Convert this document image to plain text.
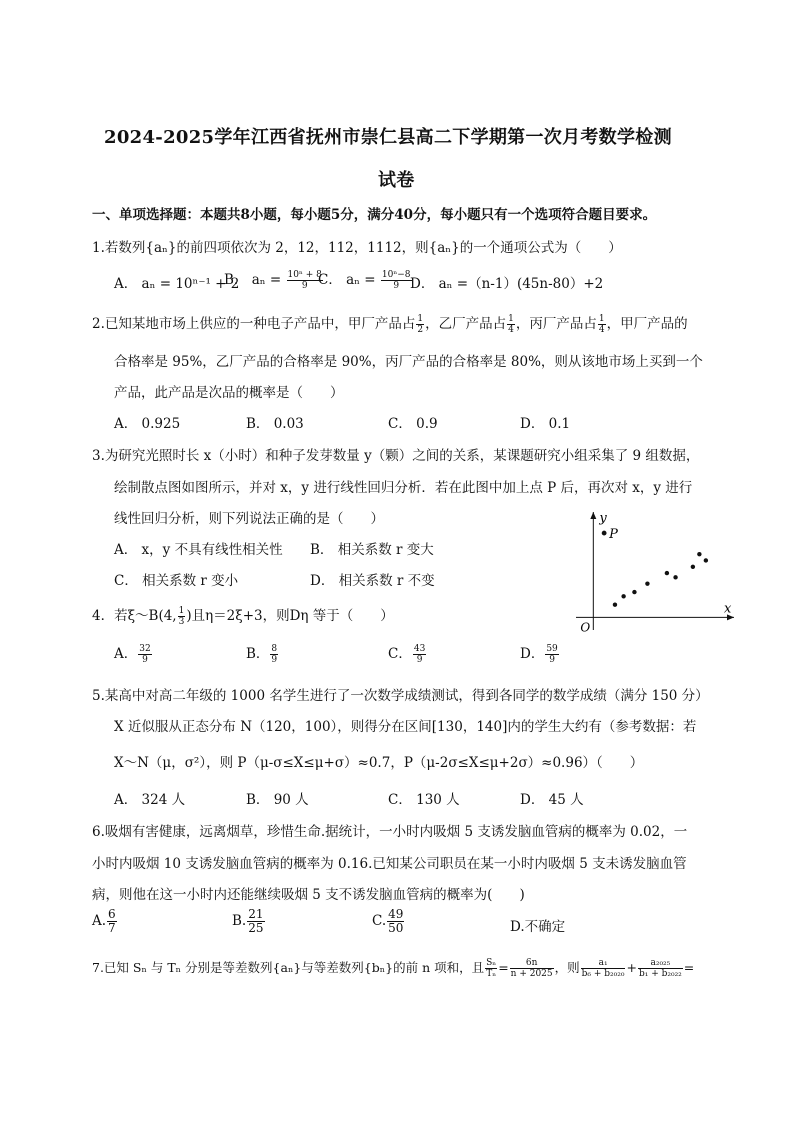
2024-2025学年江西省抚州市崇仁县高二下学期第一次月考数学检测
试卷
一、单项选择题：本题共8小题，每小题5分，满分40分，每小题只有一个选项符合题目要求。
1.若数列{aₙ}的前四项依次为 2，12，112，1112，则{aₙ}的一个通项公式为（　　）
A． aₙ = 10ⁿ⁻¹ + 2
B． $a_n = \frac{\text{10ⁿ + 8}}{9}$
C． $a_n = \frac{\text{10ⁿ−8}}{9}$
D． aₙ =（n-1）(45n-80）+2
2.已知某地市场上供应的一种电子产品中，甲厂产品占 $\frac{1}{2}$ ，乙厂产品占 $\frac{1}{4}$ ，丙厂产品占 $\frac{1}{4}$ ，甲厂产品的
合格率是 95%，乙厂产品的合格率是 90%，丙厂产品的合格率是 80%，则从该地市场上买到一个
产品，此产品是次品的概率是（　　）
A． 0.925	B． 0.03	C． 0.9	D． 0.1
3.为研究光照时长 x（小时）和种子发芽数量 y（颗）之间的关系，某课题研究小组采集了 9 组数据，
绘制散点图如图所示，并对 x，y 进行线性回归分析．若在此图中加上点 P 后，再次对 x，y 进行
线性回归分析，则下列说法正确的是（　　）
A． x，y 不具有线性相关性 B． 相关系数 r 变大
C． 相关系数 r 变小	D． 相关系数 r 不变
x
y
O
P
4．若ξ～B(4, $\frac{1}{3}$ )且η＝2ξ+3，则Dη 等于（　　）
A． $\frac{32}{9}$	B． $\frac{8}{9}$	C． $\frac{43}{9}$	D． $\frac{59}{9}$
5.某高中对高二年级的 1000 名学生进行了一次数学成绩测试，得到各同学的数学成绩（满分 150 分）
X 近似服从正态分布 N（120，100），则得分在区间[130，140]内的学生大约有（参考数据：若
X～N（μ，σ²），则 P（μ-σ≤X≤μ+σ）≈0.7，P（μ-2σ≤X≤μ+2σ）≈0.96）（　　）
A． 324 人	B． 90 人	C． 130 人	D． 45 人
6.吸烟有害健康，远离烟草，珍惜生命.据统计，一小时内吸烟 5 支诱发脑血管病的概率为 0.02，一
小时内吸烟 10 支诱发脑血管病的概率为 0.16.已知某公司职员在某一小时内吸烟 5 支未诱发脑血管
病，则他在这一小时内还能继续吸烟 5 支不诱发脑血管病的概率为(　　)
A. $\frac{6}{7}$	B. $\frac{21}{25}$	C. $\frac{49}{50}$	D.不确定
7.已知 Sₙ 与 Tₙ 分别是等差数列{aₙ}与等差数列{bₙ}的前 n 项和，且 $\frac{\text{Sₙ}}{\text{Tₙ}} = \frac{6n}{n + 2025}$ ，则 $\frac{\text{a₁}}{\text{b₆ + b₂₀₂₀}} + \frac{\text{a₂₀₂₅}}{\text{b₁ + b₂₀₂₂}}$ =
